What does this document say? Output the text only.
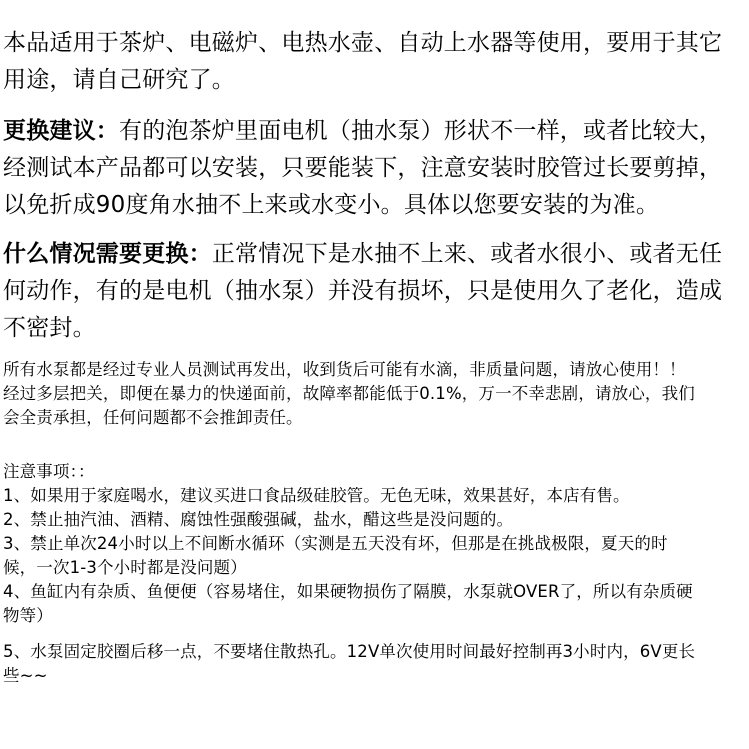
本品适用于茶炉、电磁炉、电热水壶、自动上水器等使用，要用于其它
用途，请自己研究了。
更换建议：有的泡茶炉里面电机（抽水泵）形状不一样，或者比较大，
经测试本产品都可以安装，只要能装下，注意安装时胶管过长要剪掉，
以免折成90度角水抽不上来或水变小。具体以您要安装的为准。
什么情况需要更换：正常情况下是水抽不上来、或者水很小、或者无任
何动作，有的是电机（抽水泵）并没有损坏，只是使用久了老化，造成
不密封。
所有水泵都是经过专业人员测试再发出，收到货后可能有水滴，非质量问题，请放心使用！！
经过多层把关，即便在暴力的快递面前，故障率都能低于0.1%，万一不幸悲剧，请放心，我们
会全责承担，任何问题都不会推卸责任。
注意事项：：
1、如果用于家庭喝水，建议买进口食品级硅胶管。无色无味，效果甚好，本店有售。
2、禁止抽汽油、酒精、腐蚀性强酸强碱，盐水，醋这些是没问题的。
3、禁止单次24小时以上不间断水循环（实测是五天没有坏，但那是在挑战极限，夏天的时
候，一次1-3个小时都是没问题）
4、鱼缸内有杂质、鱼便便（容易堵住，如果硬物损伤了隔膜，水泵就OVER了，所以有杂质硬
物等）
5、水泵固定胶圈后移一点，不要堵住散热孔。12V单次使用时间最好控制再3小时内，6V更长
些~~
